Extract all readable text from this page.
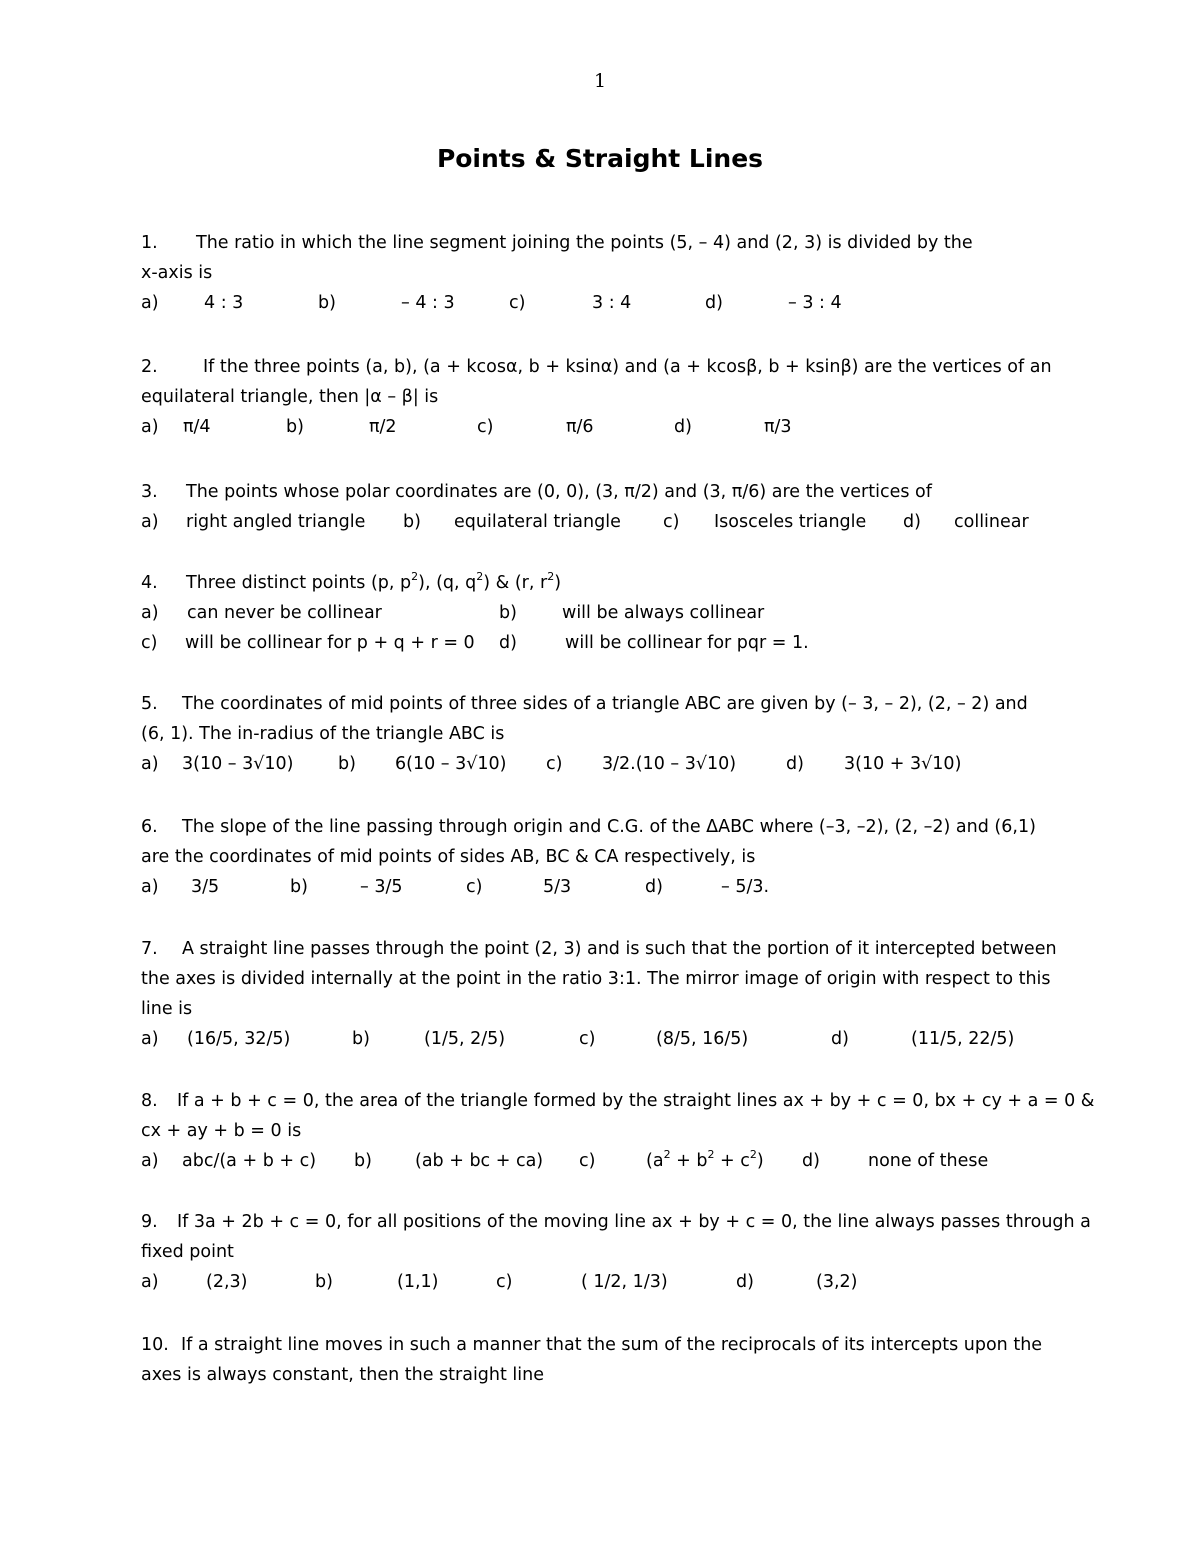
1
Points & Straight Lines
1. The ratio in which the line segment joining the points (5, – 4) and (2, 3) is divided by the
x-axis is
a)	4 : 3	b)	– 4 : 3	c)	3 : 4	d)	– 3 : 4
2.	If the three points (a, b), (a + kcosα, b + ksinα) and (a + kcosβ, b + ksinβ) are the vertices of an
equilateral triangle, then |α – β| is
a) π/4	b)	π/2	c)	π/6	d)	π/3
3. The points whose polar coordinates are (0, 0), (3, π/2) and (3, π/6) are the vertices of
a) right angled triangle b) equilateral triangle c) Isosceles triangle d) collinear
4. Three distinct points (p, $p^2$), (q, $q^2$) & (r, $r^2$)
a) can never be collinear	b)	will be always collinear
c) will be collinear for p + q + r = 0 d)	will be collinear for pqr = 1.
5. The coordinates of mid points of three sides of a triangle ABC are given by (– 3, – 2), (2, – 2) and
(6, 1). The in-radius of the triangle ABC is
a) 3(10 – 3√10)	b) 6(10 – 3√10) c) 3/2.(10 – 3√10)	d) 3(10 + 3√10)
6. The slope of the line passing through origin and C.G. of the ΔABC where (–3, –2), (2, –2) and (6,1)
are the coordinates of mid points of sides AB, BC & CA respectively, is
a) 3/5	b)	– 3/5	c)	5/3	d)	– 5/3.
7. A straight line passes through the point (2, 3) and is such that the portion of it intercepted between
the axes is divided internally at the point in the ratio 3:1. The mirror image of origin with respect to this
line is
a) (16/5, 32/5)	b)	(1/5, 2/5)	c)	(8/5, 16/5)	d)	(11/5, 22/5)
8. If a + b + c = 0, the area of the triangle formed by the straight lines ax + by + c = 0, bx + cy + a = 0 &
cx + ay + b = 0 is
a) abc/(a + b + c) b) (ab + bc + ca) c)	$(a^2 + b^2 + c^2)$ d)	none of these
9. If 3a + 2b + c = 0, for all positions of the moving line ax + by + c = 0, the line always passes through a
fixed point
a)	(2,3)	b)	(1,1)	c)	( 1/2, 1/3)	d)	(3,2)
10. If a straight line moves in such a manner that the sum of the reciprocals of its intercepts upon the
axes is always constant, then the straight line
